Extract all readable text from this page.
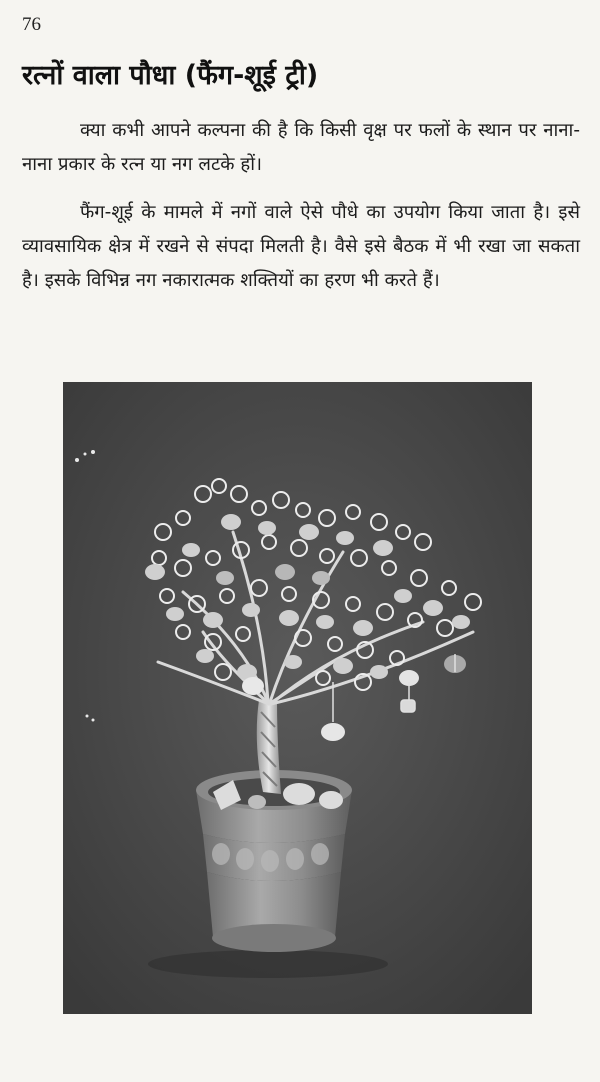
76
रत्नों वाला पौधा (फैंग-शूई ट्री)

क्या कभी आपने कल्पना की है कि किसी वृक्ष पर फलों के स्थान पर नाना-नाना प्रकार के रत्न या नग लटके हों।

फैंग-शूई के मामले में नगों वाले ऐसे पौधे का उपयोग किया जाता है। इसे व्यावसायिक क्षेत्र में रखने से संपदा मिलती है। वैसे इसे बैठक में भी रखा जा सकता है। इसके विभिन्न नग नकारात्मक शक्तियों का हरण भी करते हैं।
